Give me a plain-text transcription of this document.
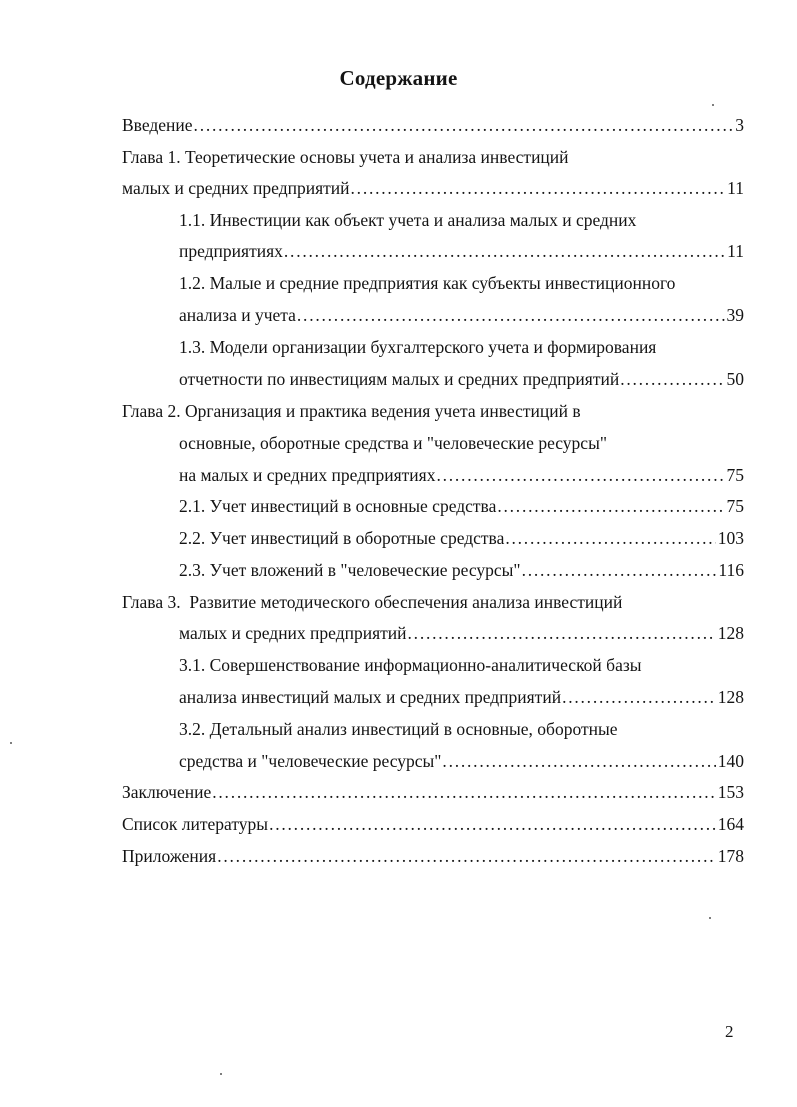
Содержание
Введение . . .	3
Глава 1. Теоретические основы учета и анализа инвестиций
малых и средних предприятий . . .	11
1.1. Инвестиции как объект учета и анализа малых и средних
предприятиях . . .	11
1.2. Малые и средние предприятия как субъекты инвестиционного
анализа и учета . . .	39
1.3. Модели организации бухгалтерского учета и формирования
отчетности по инвестициям малых и средних предприятий . . .	50
Глава 2. Организация и практика ведения учета инвестиций в
основные, оборотные средства и "человеческие ресурсы"
на малых и средних предприятиях . . .	75
2.1. Учет инвестиций в основные средства . . .	75
2.2. Учет инвестиций в оборотные средства . . .	103
2.3. Учет вложений в "человеческие ресурсы" . . .	116
Глава 3.  Развитие методического обеспечения анализа инвестиций
малых и средних предприятий . . .	128
3.1. Совершенствование информационно-аналитической базы
анализа инвестиций малых и средних предприятий . . .	128
3.2. Детальный анализ инвестиций в основные, оборотные
средства и "человеческие ресурсы" . . .	140
Заключение . . .	153
Список литературы . . .	164
Приложения . . .	178
2
